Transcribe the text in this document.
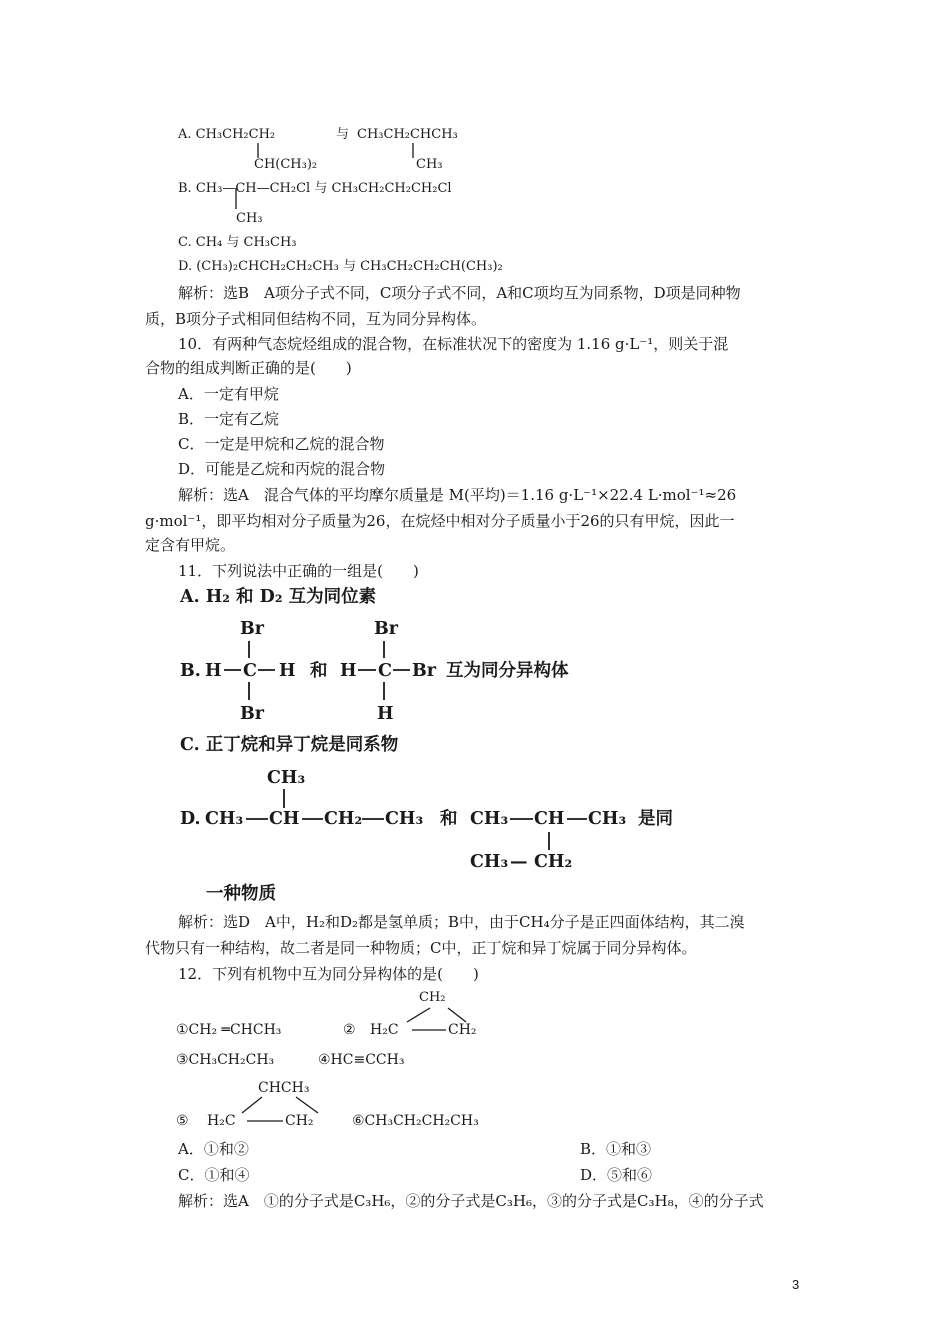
A. CH₃CH₂CH₂
CH(CH₃)₂
与 CH₃CH₂CHCH₃
CH₃
B. CH₃—CH—CH₂Cl 与 CH₃CH₂CH₂CH₂Cl
CH₃
C. CH₄ 与 CH₃CH₃
D. (CH₃)₂CHCH₂CH₂CH₃ 与 CH₃CH₂CH₂CH(CH₃)₂
解析：选B　A项分子式不同，C项分子式不同，A和C项均互为同系物，D项是同种物
质，B项分子式相同但结构不同，互为同分异构体。
10．有两种气态烷烃组成的混合物，在标准状况下的密度为 1.16 g·L⁻¹，则关于混
合物的组成判断正确的是(　　)
A．一定有甲烷
B．一定有乙烷
C．一定是甲烷和乙烷的混合物
D．可能是乙烷和丙烷的混合物
解析：选A　混合气体的平均摩尔质量是 M(平均)＝1.16 g·L⁻¹×22.4 L·mol⁻¹≈26
g·mol⁻¹，即平均相对分子质量为26，在烷烃中相对分子质量小于26的只有甲烷，因此一
定含有甲烷。
11．下列说法中正确的一组是(　　)
A. H₂ 和 D₂ 互为同位素
Br
B. H C H
Br
和
Br
H C Br
H
互为同分异构体
C. 正丁烷和异丁烷是同系物
CH₃
D. CH₃ CH CH₂ CH₃ 和 CH₃ CH CH₃ 是同
CH₃ — CH₂
一种物质
解析：选D　A中，H₂和D₂都是氢单质；B中，由于CH₄分子是正四面体结构，其二溴
代物只有一种结构，故二者是同一种物质；C中，正丁烷和异丁烷属于同分异构体。
12．下列有机物中互为同分异构体的是(　　)
CH₂
①CH₂ ═CHCH₃	② H₂C	CH₂
③CH₃CH₂CH₃	④HC≡CCH₃
CHCH₃
⑤ H₂C	CH₂	⑥CH₃CH₂CH₂CH₃
A．①和②	B．①和③
C．①和④	D．⑤和⑥
解析：选A　①的分子式是C₃H₆，②的分子式是C₃H₆，③的分子式是C₃H₈，④的分子式
3
